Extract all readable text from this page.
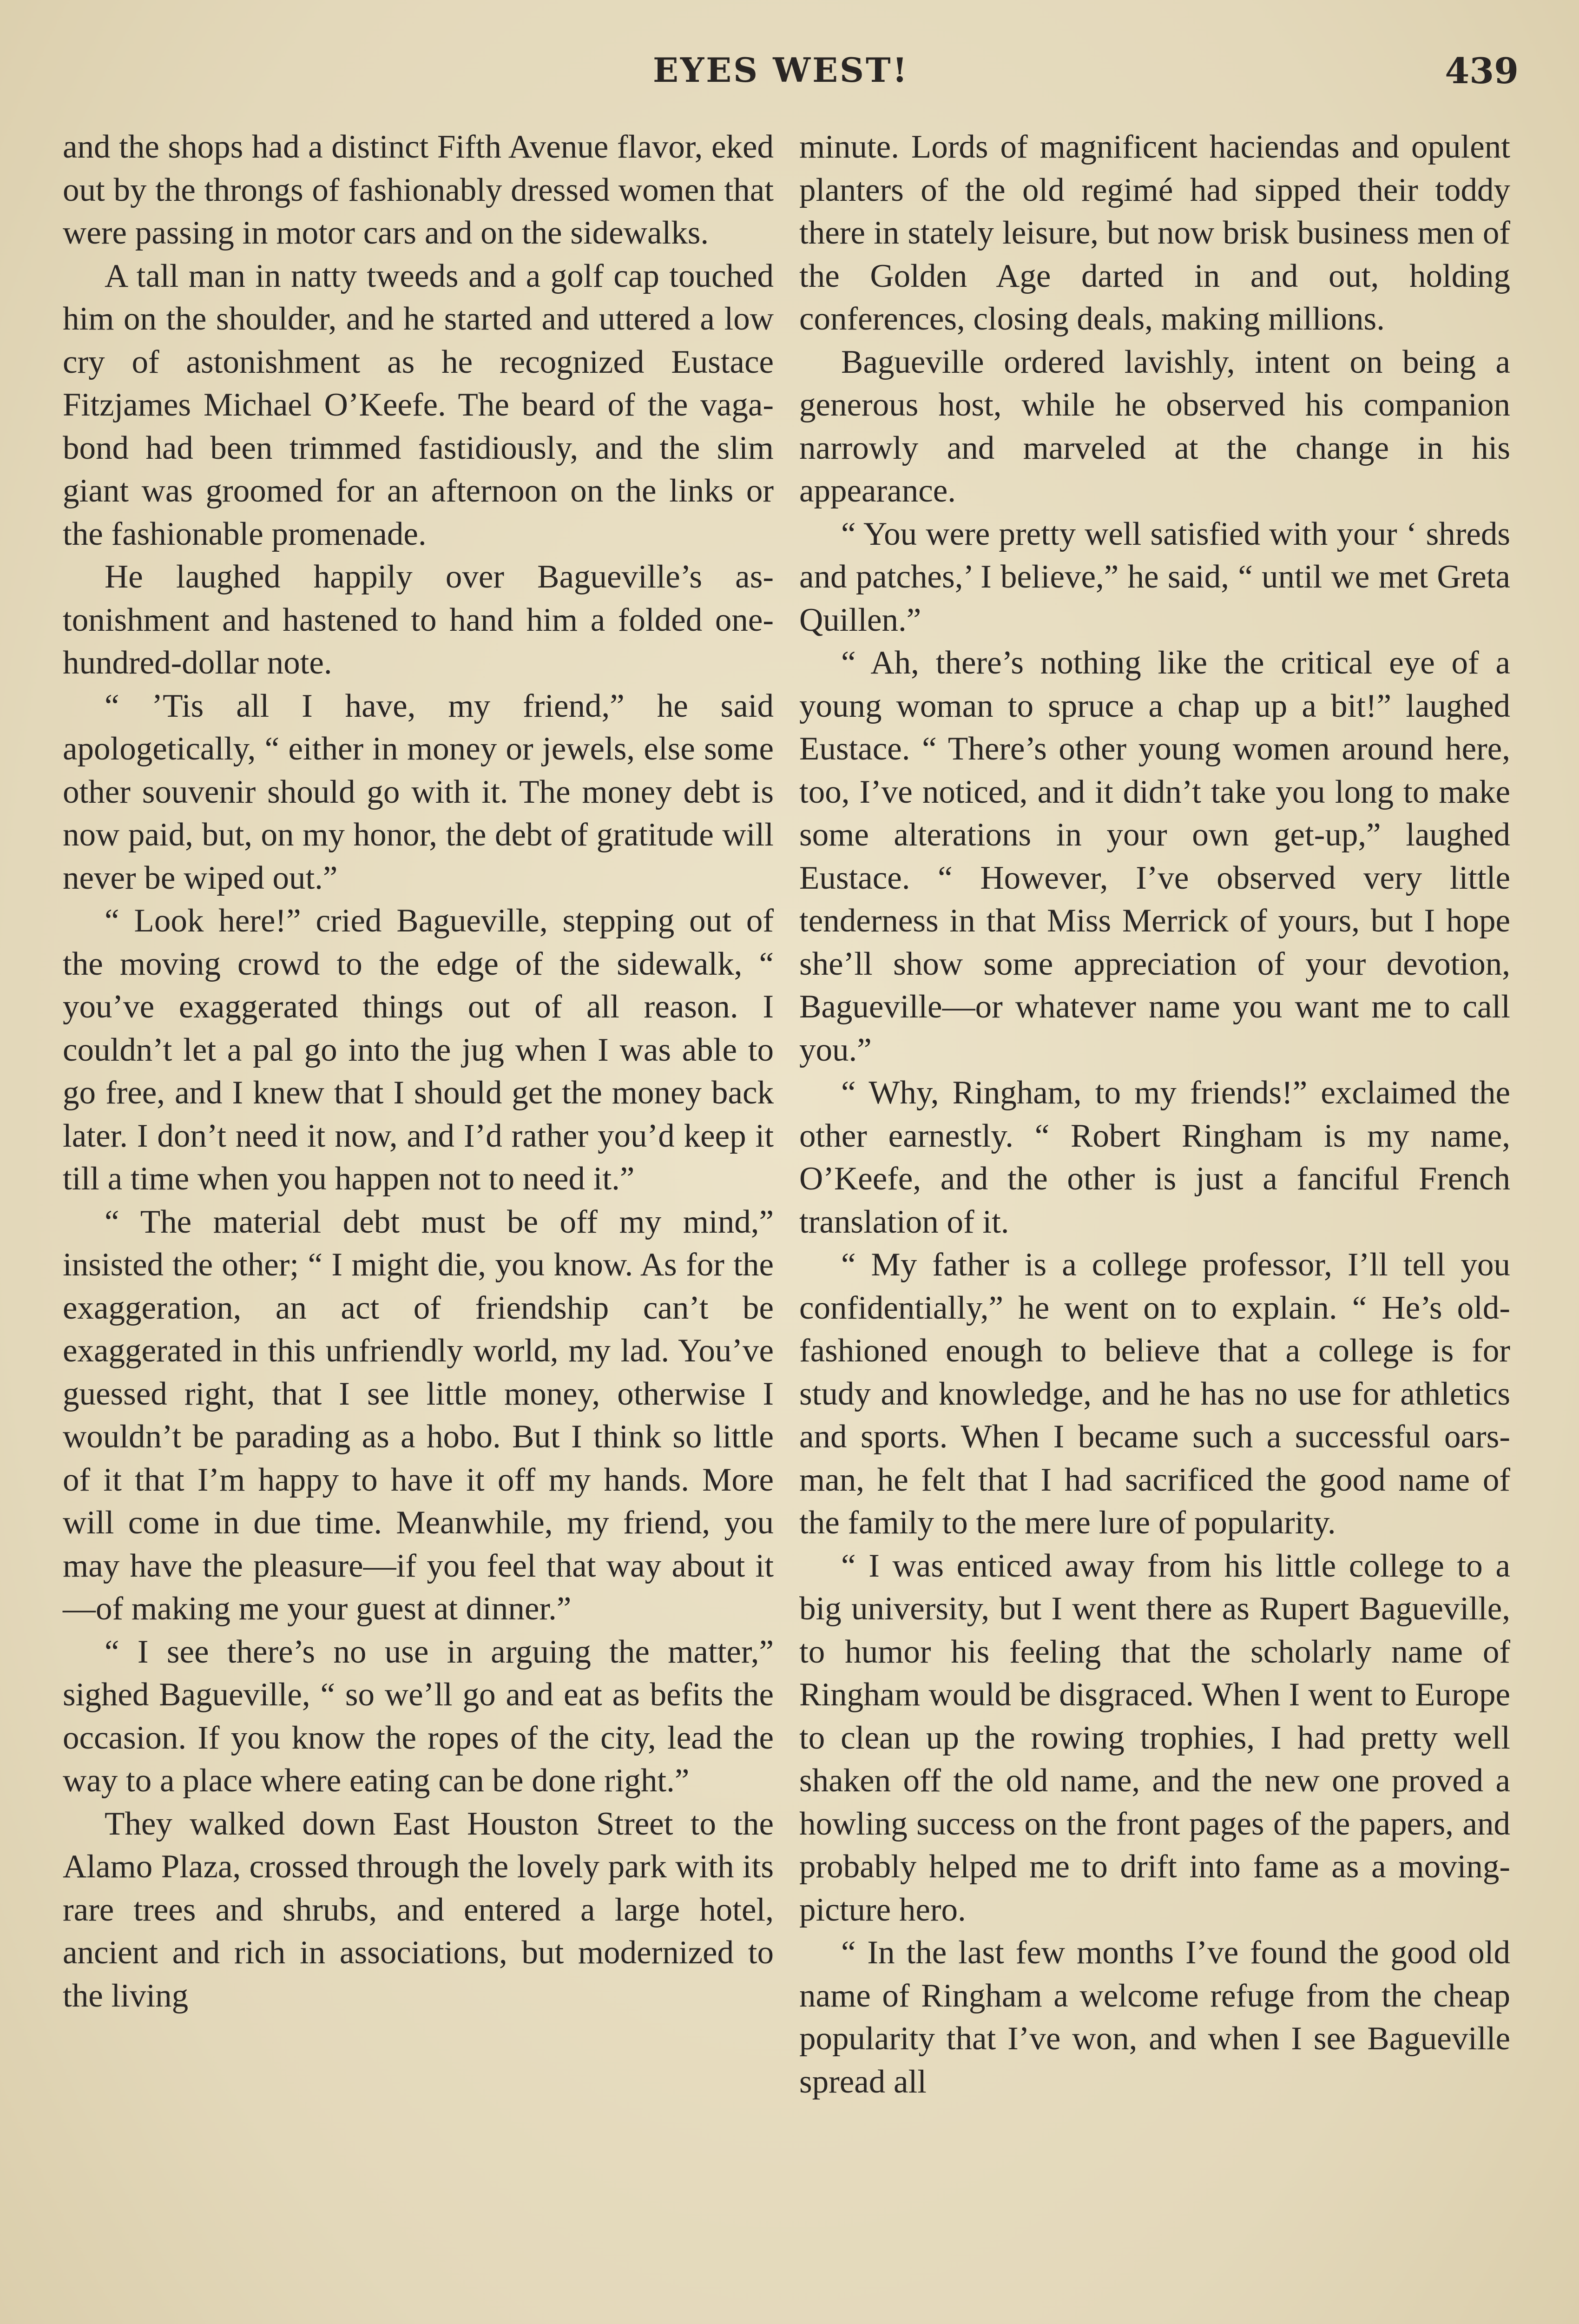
EYES WEST!	439

and the shops had a distinct Fifth Avenue flavor, eked out by the throngs of fashionably dressed women that were passing in motor cars and on the sidewalks.

A tall man in natty tweeds and a golf cap touched him on the shoulder, and he started and uttered a low cry of astonishment as he recognized Eustace Fitzjames Michael O’Keefe. The beard of the vagabond had been trimmed fastidiously, and the slim giant was groomed for an afternoon on the links or the fashionable promenade.

He laughed happily over Bagueville’s astonishment and hastened to hand him a folded one-hundred-dollar note.

“ ’Tis all I have, my friend,” he said apologetically, “ either in money or jewels, else some other souvenir should go with it. The money debt is now paid, but, on my honor, the debt of gratitude will never be wiped out.”

“ Look here!” cried Bagueville, stepping out of the moving crowd to the edge of the sidewalk, “ you’ve exaggerated things out of all reason. I couldn’t let a pal go into the jug when I was able to go free, and I knew that I should get the money back later. I don’t need it now, and I’d rather you’d keep it till a time when you happen not to need it.”

“ The material debt must be off my mind,” insisted the other; “ I might die, you know. As for the exaggeration, an act of friendship can’t be exaggerated in this unfriendly world, my lad. You’ve guessed right, that I see little money, otherwise I wouldn’t be parading as a hobo. But I think so little of it that I’m happy to have it off my hands. More will come in due time. Meanwhile, my friend, you may have the pleasure—if you feel that way about it —of making me your guest at dinner.”

“ I see there’s no use in arguing the matter,” sighed Bagueville, “ so we’ll go and eat as befits the occasion. If you know the ropes of the city, lead the way to a place where eating can be done right.”

They walked down East Houston Street to the Alamo Plaza, crossed through the lovely park with its rare trees and shrubs, and entered a large hotel, ancient and rich in associations, but modernized to the living

minute. Lords of magnificent haciendas and opulent planters of the old regimé had sipped their toddy there in stately leisure, but now brisk business men of the Golden Age darted in and out, holding conferences, closing deals, making millions.

Bagueville ordered lavishly, intent on being a generous host, while he observed his companion narrowly and marveled at the change in his appearance.

“ You were pretty well satisfied with your ‘ shreds and patches,’ I believe,” he said, “ until we met Greta Quillen.”

“ Ah, there’s nothing like the critical eye of a young woman to spruce a chap up a bit!” laughed Eustace. “ There’s other young women around here, too, I’ve noticed, and it didn’t take you long to make some alterations in your own get-up,” laughed Eustace. “ However, I’ve observed very little tenderness in that Miss Merrick of yours, but I hope she’ll show some appreciation of your devotion, Bagueville—or whatever name you want me to call you.”

“ Why, Ringham, to my friends!” exclaimed the other earnestly. “ Robert Ringham is my name, O’Keefe, and the other is just a fanciful French translation of it.

“ My father is a college professor, I’ll tell you confidentially,” he went on to explain. “ He’s old-fashioned enough to believe that a college is for study and knowledge, and he has no use for athletics and sports. When I became such a successful oarsman, he felt that I had sacrificed the good name of the family to the mere lure of popularity.

“ I was enticed away from his little college to a big university, but I went there as Rupert Bagueville, to humor his feeling that the scholarly name of Ringham would be disgraced. When I went to Europe to clean up the rowing trophies, I had pretty well shaken off the old name, and the new one proved a howling success on the front pages of the papers, and probably helped me to drift into fame as a moving-picture hero.

“ In the last few months I’ve found the good old name of Ringham a welcome refuge from the cheap popularity that I’ve won, and when I see Bagueville spread all
